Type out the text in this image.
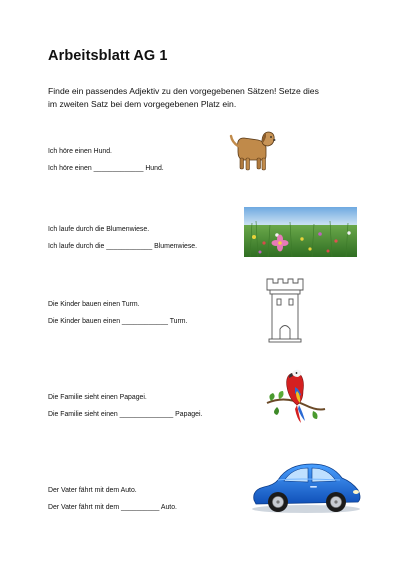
Arbeitsblatt AG 1
Finde ein passendes Adjektiv zu den vorgegebenen Sätzen! Setze dies
im zweiten Satz bei dem vorgegebenen Platz ein.
Ich höre einen Hund.
Ich höre einen _____________ Hund.
Ich laufe durch die Blumenwiese.
Ich laufe durch die ____________ Blumenwiese.
Die Kinder bauen einen Turm.
Die Kinder bauen einen ____________ Turm.
Die Familie sieht einen Papagei.
Die Familie sieht einen ______________ Papagei.
Der Vater fährt mit dem Auto.
Der Vater fährt mit dem __________ Auto.
